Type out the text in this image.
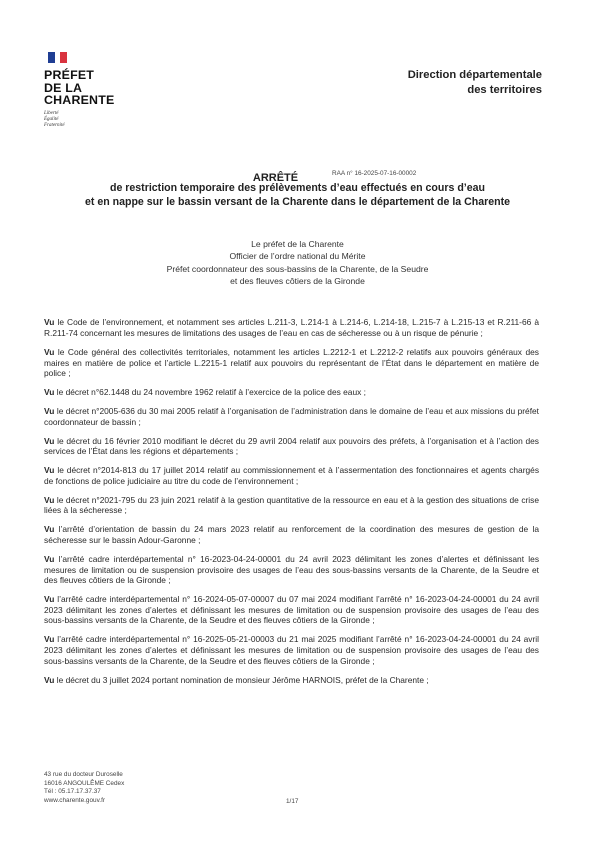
PRÉFET
DE LA
CHARENTE
Liberté
Égalité
Fraternité
Direction départementale
des territoires
ARRÊTÉ	RAA n° 16-2025-07-16-00002
de restriction temporaire des prélèvements d’eau effectués en cours d’eau
et en nappe sur le bassin versant de la Charente dans le département de la Charente
Le préfet de la Charente
Officier de l’ordre national du Mérite
Préfet coordonnateur des sous-bassins de la Charente, de la Seudre
et des fleuves côtiers de la Gironde

Vu le Code de l’environnement, et notamment ses articles L.211-3, L.214-1 à L.214-6, L.214-18, L.215-7 à L.215-13 et R.211-66 à R.211-74 concernant les mesures de limitations des usages de l’eau en cas de sécheresse ou à un risque de pénurie ;

Vu le Code général des collectivités territoriales, notamment les articles L.2212-1 et L.2212-2 relatifs aux pouvoirs généraux des maires en matière de police et l’article L.2215-1 relatif aux pouvoirs du représentant de l’État dans le département en matière de police ;

Vu le décret n°62.1448 du 24 novembre 1962 relatif à l’exercice de la police des eaux ;

Vu le décret n°2005-636 du 30 mai 2005 relatif à l’organisation de l’administration dans le domaine de l’eau et aux missions du préfet coordonnateur de bassin ;

Vu le décret du 16 février 2010 modifiant le décret du 29 avril 2004 relatif aux pouvoirs des préfets, à l’organisation et à l’action des services de l’État dans les régions et départements ;

Vu le décret n°2014-813 du 17 juillet 2014 relatif au commissionnement et à l’assermentation des fonctionnaires et agents chargés de fonctions de police judiciaire au titre du code de l’environnement ;

Vu le décret n°2021-795 du 23 juin 2021 relatif à la gestion quantitative de la ressource en eau et à la gestion des situations de crise liées à la sécheresse ;

Vu l’arrêté d’orientation de bassin du 24 mars 2023 relatif au renforcement de la coordination des mesures de gestion de la sécheresse sur le bassin Adour-Garonne ;

Vu l’arrêté cadre interdépartemental n° 16-2023-04-24-00001 du 24 avril 2023 délimitant les zones d’alertes et définissant les mesures de limitation ou de suspension provisoire des usages de l’eau des sous-bassins versants de la Charente, de la Seudre et des fleuves côtiers de la Gironde ;

Vu l’arrêté cadre interdépartemental n° 16-2024-05-07-00007 du 07 mai 2024 modifiant l’arrêté n° 16-2023-04-24-00001 du 24 avril 2023 délimitant les zones d’alertes et définissant les mesures de limitation ou de suspension provisoire des usages de l’eau des sous-bassins versants de la Charente, de la Seudre et des fleuves côtiers de la Gironde ;

Vu l’arrêté cadre interdépartemental n° 16-2025-05-21-00003 du 21 mai 2025 modifiant l’arrêté n° 16-2023-04-24-00001 du 24 avril 2023 délimitant les zones d’alertes et définissant les mesures de limitation ou de suspension provisoire des usages de l’eau des sous-bassins versants de la Charente, de la Seudre et des fleuves côtiers de la Gironde ;

Vu le décret du 3 juillet 2024 portant nomination de monsieur Jérôme HARNOIS, préfet de la Charente ;

43 rue du docteur Duroselle
16016 ANGOULÊME Cedex
Tél : 05.17.17.37.37
www.charente.gouv.fr	1/17
